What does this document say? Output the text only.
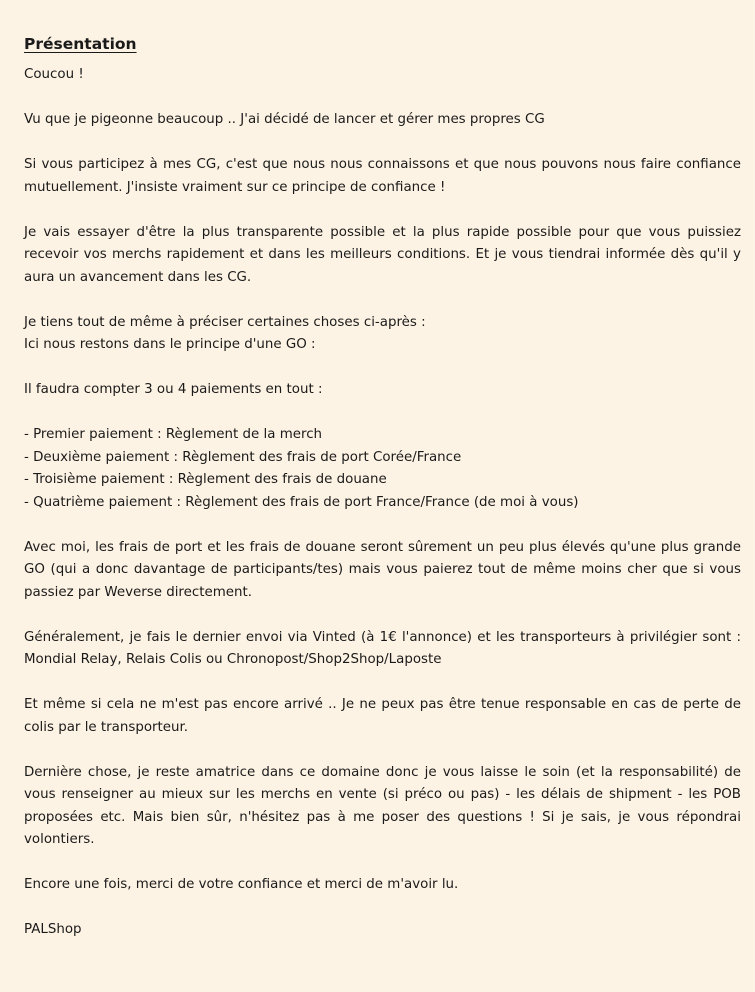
Présentation

Coucou !

Vu que je pigeonne beaucoup .. J'ai décidé de lancer et gérer mes propres CG

Si vous participez à mes CG, c'est que nous nous connaissons et que nous pouvons nous faire confiance mutuellement. J'insiste vraiment sur ce principe de confiance !

Je vais essayer d'être la plus transparente possible et la plus rapide possible pour que vous puissiez recevoir vos merchs rapidement et dans les meilleurs conditions. Et je vous tiendrai informée dès qu'il y aura un avancement dans les CG.

Je tiens tout de même à préciser certaines choses ci-après :
Ici nous restons dans le principe d'une GO :

Il faudra compter 3 ou 4 paiements en tout :

- Premier paiement : Règlement de la merch
- Deuxième paiement : Règlement des frais de port Corée/France
- Troisième paiement : Règlement des frais de douane
- Quatrième paiement : Règlement des frais de port France/France (de moi à vous)

Avec moi, les frais de port et les frais de douane seront sûrement un peu plus élevés qu'une plus grande GO (qui a donc davantage de participants/tes) mais vous paierez tout de même moins cher que si vous passiez par Weverse directement.

Généralement, je fais le dernier envoi via Vinted (à 1€ l'annonce) et les transporteurs à privilégier sont : Mondial Relay, Relais Colis ou Chronopost/Shop2Shop/Laposte

Et même si cela ne m'est pas encore arrivé .. Je ne peux pas être tenue responsable en cas de perte de colis par le transporteur.

Dernière chose, je reste amatrice dans ce domaine donc je vous laisse le soin (et la responsabilité) de vous renseigner au mieux sur les merchs en vente (si préco ou pas) - les délais de shipment - les POB proposées etc. Mais bien sûr, n'hésitez pas à me poser des questions ! Si je sais, je vous répondrai volontiers.

Encore une fois, merci de votre confiance et merci de m'avoir lu.

PALShop
